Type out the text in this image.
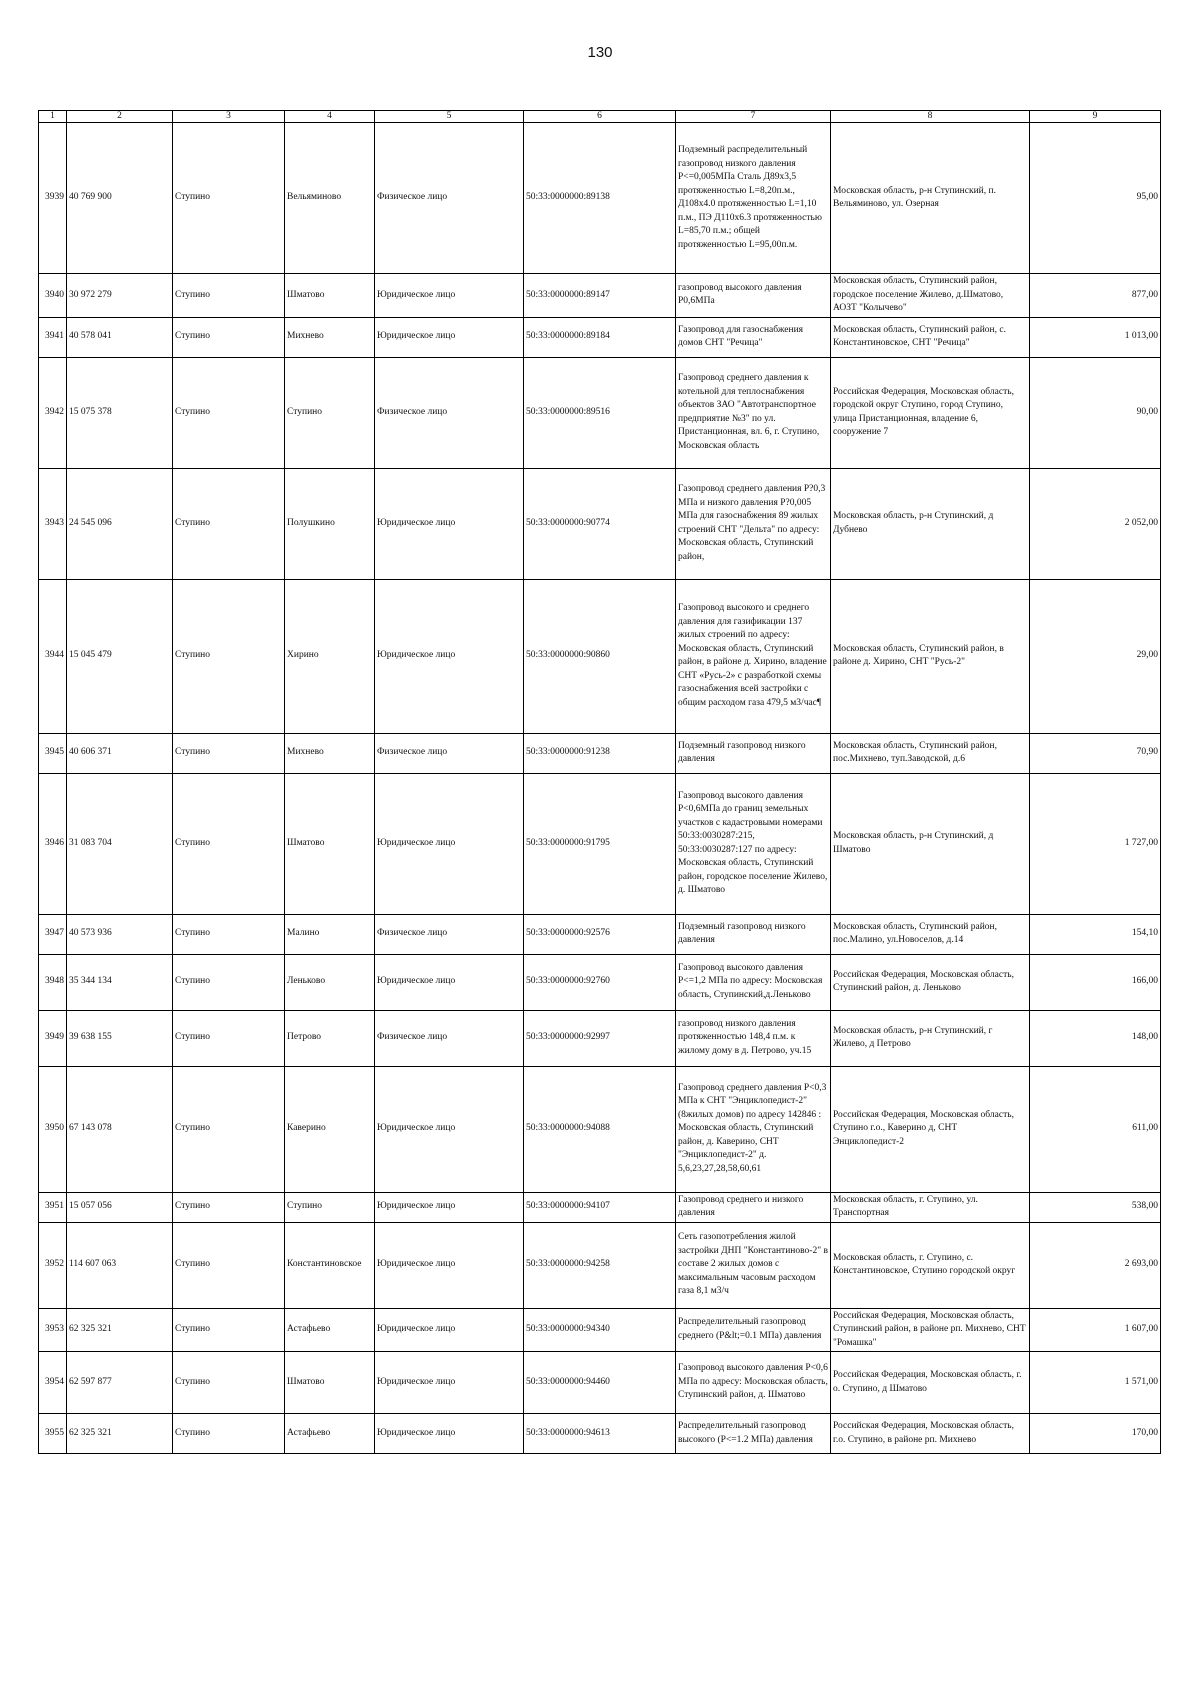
130
1	2	3	4	5	6	7	8	9
3939	40 769 900	Ступино	Вельяминово	Физическое лицо	50:33:0000000:89138	Подземный распределительный газопровод низкого давления Р<=0,005МПа Сталь Д89х3,5 протяженностью L=8,20п.м., Д108х4.0 протяженностью L=1,10 п.м., ПЭ Д110х6.3 протяженностью L=85,70 п.м.; общей протяженностью L=95,00п.м.	Московская область, р-н Ступинский, п. Вельяминово, ул. Озерная	95,00
3940	30 972 279	Ступино	Шматово	Юридическое лицо	50:33:0000000:89147	газопровод высокого давления Р0,6МПа	Московская область, Ступинский район, городское поселение Жилево, д.Шматово, АОЗТ "Колычево"	877,00
3941	40 578 041	Ступино	Михнево	Юридическое лицо	50:33:0000000:89184	Газопровод для газоснабжения домов СНТ "Речица"	Московская область, Ступинский район, с. Константиновское, СНТ "Речица"	1 013,00
3942	15 075 378	Ступино	Ступино	Физическое лицо	50:33:0000000:89516	Газопровод среднего давления к котельной для теплоснабжения объектов ЗАО "Автотранспортное предприятие №3" по ул. Пристанционная, вл. 6, г. Ступино, Московская область	Российская Федерация, Московская область, городской округ Ступино, город Ступино, улица Пристанционная, владение 6, сооружение 7	90,00
3943	24 545 096	Ступино	Полушкино	Юридическое лицо	50:33:0000000:90774	Газопровод среднего давления Р?0,3 МПа и низкого давления Р?0,005 МПа для газоснабжения 89 жилых строений СНТ "Дельта" по адресу: Московская область, Ступинский район,	Московская область, р-н Ступинский, д Дубнево	2 052,00
3944	15 045 479	Ступино	Хирино	Юридическое лицо	50:33:0000000:90860	Газопровод высокого и среднего давления для газификации 137 жилых строений по адресу: Московская область, Ступинский район, в районе д. Хирино, владение СНТ «Русь-2» с разработкой схемы газоснабжения всей застройки с общим расходом газа 479,5 м3/час¶	Московская область, Ступинский район, в районе д. Хирино, СНТ "Русь-2"	29,00
3945	40 606 371	Ступино	Михнево	Физическое лицо	50:33:0000000:91238	Подземный газопровод низкого давления	Московская область, Ступинский район, пос.Михнево, туп.Заводской, д.6	70,90
3946	31 083 704	Ступино	Шматово	Юридическое лицо	50:33:0000000:91795	Газопровод высокого давления Р<0,6МПа до границ земельных участков с кадастровыми номерами 50:33:0030287:215, 50:33:0030287:127 по адресу: Московская область, Ступинский район, городское поселение Жилево, д. Шматово	Московская область, р-н Ступинский, д Шматово	1 727,00
3947	40 573 936	Ступино	Малино	Физическое лицо	50:33:0000000:92576	Подземный газопровод низкого давления	Московская область, Ступинский район, пос.Малино, ул.Новоселов, д.14	154,10
3948	35 344 134	Ступино	Леньково	Юридическое лицо	50:33:0000000:92760	Газопровод высокого давления Р<=1,2 МПа по адресу: Московская область, Ступинский,д.Леньково	Российская Федерация, Московская область, Ступинский район, д. Леньково	166,00
3949	39 638 155	Ступино	Петрово	Физическое лицо	50:33:0000000:92997	газопровод низкого давления протяженностью 148,4 п.м. к жилому дому в д. Петрово, уч.15	Московская область, р-н Ступинский, г Жилево, д Петрово	148,00
3950	67 143 078	Ступино	Каверино	Юридическое лицо	50:33:0000000:94088	Газопровод среднего давления Р<0,3 МПа к СНТ "Энциклопедист-2" (8жилых домов) по адресу 142846 : Московская область, Ступинский район, д. Каверино, СНТ "Энциклопедист-2" д. 5,6,23,27,28,58,60,61	Российская Федерация, Московская область, Ступино г.о., Каверино д, СНТ Энциклопедист-2	611,00
3951	15 057 056	Ступино	Ступино	Юридическое лицо	50:33:0000000:94107	Газопровод среднего и низкого давления	Московская область, г. Ступино, ул. Транспортная	538,00
3952	114 607 063	Ступино	Константиновское	Юридическое лицо	50:33:0000000:94258	Сеть газопотребления жилой застройки ДНП "Константиново-2" в составе 2 жилых домов с максимальным часовым расходом газа 8,1 м3/ч	Московская область, г. Ступино, с. Константиновское, Ступино городской округ	2 693,00
3953	62 325 321	Ступино	Астафьево	Юридическое лицо	50:33:0000000:94340	Распределительный газопровод среднего (P&lt;=0.1 МПа) давления	Российская Федерация, Московская область, Ступинский район, в районе рп. Михнево, СНТ "Ромашка"	1 607,00
3954	62 597 877	Ступино	Шматово	Юридическое лицо	50:33:0000000:94460	Газопровод высокого давления Р<0,6 МПа по адресу: Московская область, Ступинский район, д. Шматово	Российская Федерация, Московская область, г. о. Ступино, д Шматово	1 571,00
3955	62 325 321	Ступино	Астафьево	Юридическое лицо	50:33:0000000:94613	Распределительный газопровод высокого (P<=1.2 МПа) давления	Российская Федерация, Московская область, г.о. Ступино, в районе рп. Михнево	170,00
